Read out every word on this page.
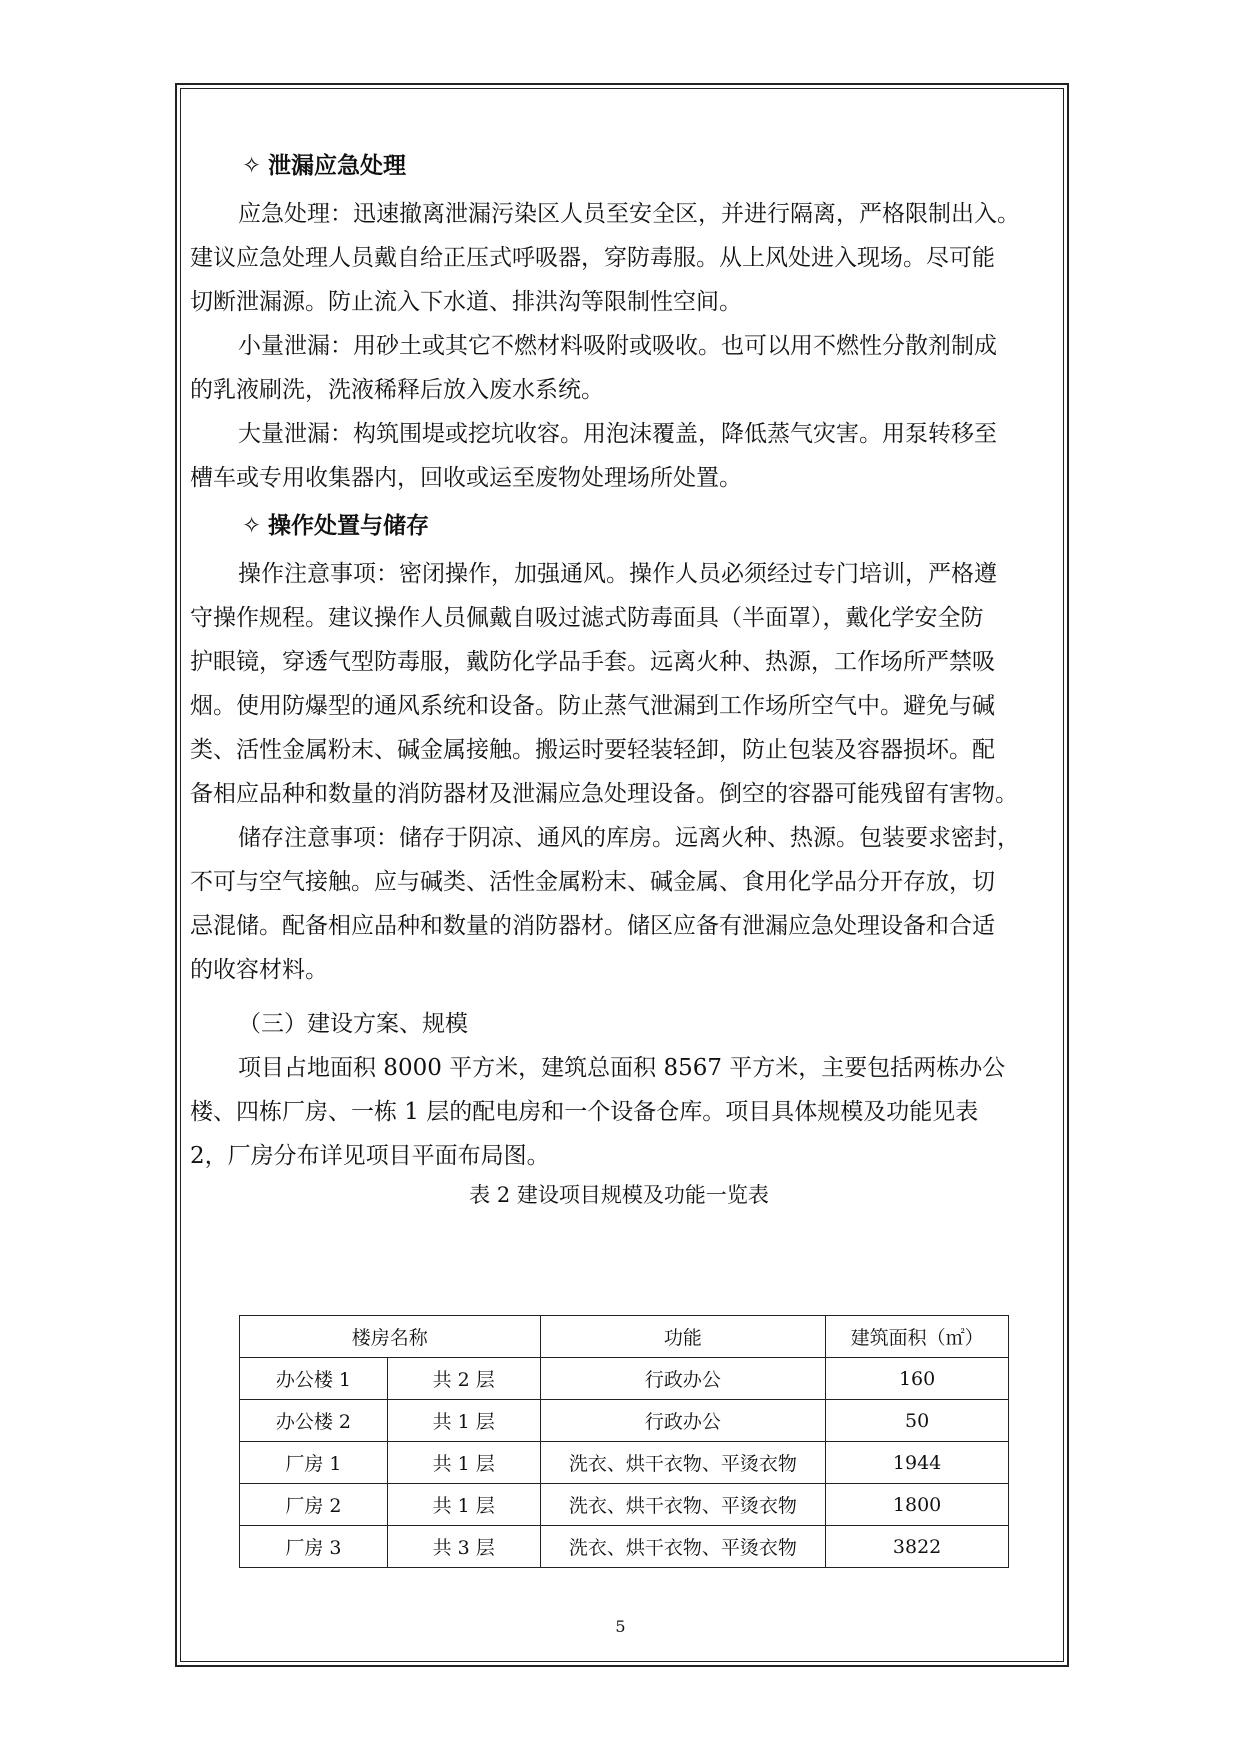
✧ 泄漏应急处理

应急处理：迅速撤离泄漏污染区人员至安全区，并进行隔离，严格限制出入。
建议应急处理人员戴自给正压式呼吸器，穿防毒服。从上风处进入现场。尽可能
切断泄漏源。防止流入下水道、排洪沟等限制性空间。

小量泄漏：用砂土或其它不燃材料吸附或吸收。也可以用不燃性分散剂制成
的乳液刷洗，洗液稀释后放入废水系统。

大量泄漏：构筑围堤或挖坑收容。用泡沫覆盖，降低蒸气灾害。用泵转移至
槽车或专用收集器内，回收或运至废物处理场所处置。

✧ 操作处置与储存

操作注意事项：密闭操作，加强通风。操作人员必须经过专门培训，严格遵
守操作规程。建议操作人员佩戴自吸过滤式防毒面具（半面罩），戴化学安全防
护眼镜，穿透气型防毒服，戴防化学品手套。远离火种、热源，工作场所严禁吸
烟。使用防爆型的通风系统和设备。防止蒸气泄漏到工作场所空气中。避免与碱
类、活性金属粉末、碱金属接触。搬运时要轻装轻卸，防止包装及容器损坏。配
备相应品种和数量的消防器材及泄漏应急处理设备。倒空的容器可能残留有害物。

储存注意事项：储存于阴凉、通风的库房。远离火种、热源。包装要求密封，
不可与空气接触。应与碱类、活性金属粉末、碱金属、食用化学品分开存放，切
忌混储。配备相应品种和数量的消防器材。储区应备有泄漏应急处理设备和合适
的收容材料。

（三）建设方案、规模

项目占地面积 8000 平方米，建筑总面积 8567 平方米，主要包括两栋办公
楼、四栋厂房、一栋 1 层的配电房和一个设备仓库。项目具体规模及功能见表
2，厂房分布详见项目平面布局图。

表 2 建设项目规模及功能一览表
楼房名称		功能	建筑面积（㎡）
办公楼 1	共 2 层	行政办公	160
办公楼 2	共 1 层	行政办公	50
厂房 1	共 1 层	洗衣、烘干衣物、平烫衣物	1944
厂房 2	共 1 层	洗衣、烘干衣物、平烫衣物	1800
厂房 3	共 3 层	洗衣、烘干衣物、平烫衣物	3822
5
